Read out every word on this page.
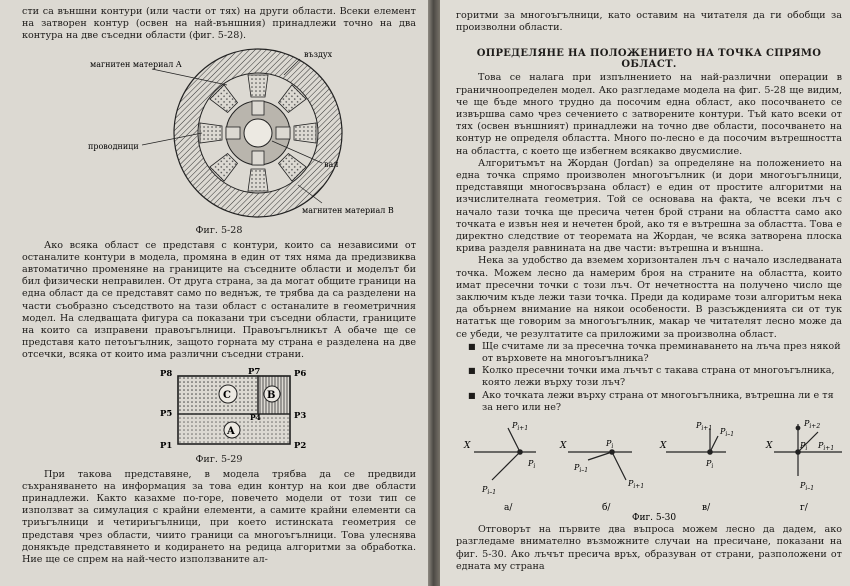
сти са външни контури (или части от тях) на други области. Всеки елемент на затворен контур (освен на най-външния) принадлежи точно на два контура на две съседни области (фиг. 5-28).

магнитен материал A
въздух
проводници
вал
магнитен материал B

Фиг. 5-28

Ако всяка област се представя с контури, които са независими от останалите контури в модела, промяна в един от тях няма да предизвиква автоматично променяне на границите на съседните области и моделът би бил физически неправилен. От друга страна, за да могат общите граници на една област да се представят само по веднъж, те трябва да са разделени на части съобразно съседството на тази област с останалите в геометричния модел. На следващата фигура са показани три съседни области, границите на които са изправени правоъгълници. Правоъгълникът A обаче ще се представя като петоъгълник, защото горната му страна е разделена на две отсечки, всяка от които има различни съседни страни.

C	B
A
P8	P7	P6
P5	P4	P3
P1	P2

Фиг. 5-29

При такова представяне, в модела трябва да се предвиди съхраняването на информация за това един контур на кои две области принадлежи. Както казахме по-горе, повечето модели от този тип се използват за симулация с крайни елементи, а самите крайни елементи са триъгълници и четириъгълници, при което истинската геометрия се представя чрез области, чиито граници са многоъгълници. Това улеснява донякъде представянето и кодирането на редица алгоритми за обработка. Ние ще се спрем на най-често използваните ал-

горитми за многоъгълници, като оставим на читателя да ги обобщи за произволни области.

ОПРЕДЕЛЯНЕ НА ПОЛОЖЕНИЕТО НА ТОЧКА СПРЯМО ОБЛАСТ.

Това се налага при изпълнението на най-различни операции в граничноопределен модел. Ако разгледаме модела на фиг. 5-28 ще видим, че ще бъде много трудно да посочим една област, ако посочването се извършва само чрез сечението с затворените контури. Тъй като всеки от тях (освен външният) принадлежи на точно две области, посочването на контур не определя областта. Много по-лесно е да посочим вътрешността на областта, с което ще избегнем всякакво двусмислие.

Алгоритъмът на Жордан (Jordan) за определяне на положението на една точка спрямо произволен многоъгълник (и дори многоъгълници, представящи многосвързана област) е един от простите алгоритми на изчислителната геометрия. Той се основава на факта, че всеки лъч с начало тази точка ще пресича четен брой страни на областта само ако точката е извън нея и нечетен брой, ако тя е вътрешна за областта. Това е директно следствие от теоремата на Жордан, че всяка затворена плоска крива разделя равнината на две части: вътрешна и външна.

Нека за удобство да вземем хоризонтален лъч с начало изследваната точка. Можем лесно да намерим броя на страните на областта, които имат пресечни точки с този лъч. От нечетността на получено число ще заключим къде лежи тази точка. Преди да кодираме този алгоритъм нека да обърнем внимание на някои особености. В разсъжденията си от тук нататък ще говорим за многоъгълник, макар че читателят лесно може да се убеди, че резултатите са приложими за произволна област.

■ Ще считаме ли за пресечна точка преминаването на лъча през някой от върховете на многоъгълника?
■ Колко пресечни точки има лъчът с такава страна от многоъгълника, която лежи върху този лъч?
■ Ако точката лежи върху страна от многоъгълника, вътрешна ли е тя за него или не?
X	X	X	X
$P_{i+1}$
$P_i$
$P_{i-1}$
$P_i$
$P_{i-1}$
$P_{i+1}$
$P_{i+1}$ $P_{i-1}$
$P_i$
$P_{i+2}$
$P_i$ $P_{i+1}$
$P_{i-1}$
а/	б/	в/	г/
Фиг. 5-30

Отговорът на първите два въпроса можем лесно да дадем, ако разгледаме внимателно възможните случаи на пресичане, показани на фиг. 5-30. Ако лъчът пресича връх, образуван от страни, разположени от едната му страна
